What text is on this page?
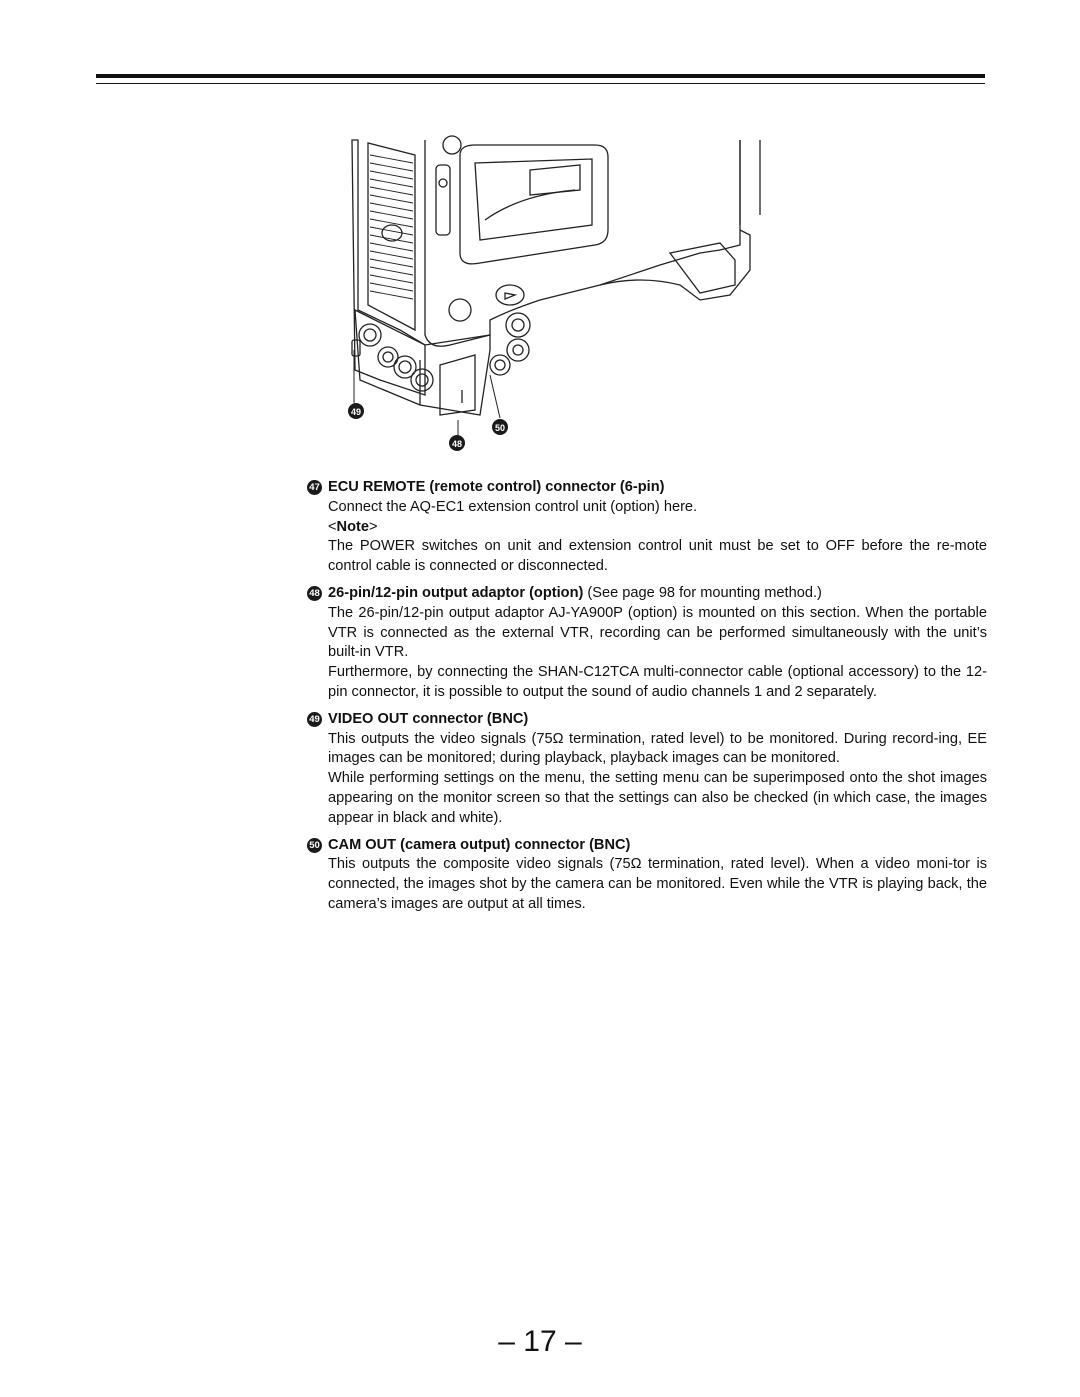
49
50
48
47 ECU REMOTE (remote control) connector (6-pin)

Connect the AQ-EC1 extension control unit (option) here.

<Note>

The POWER switches on unit and extension control unit must be set to OFF before the re-mote control cable is connected or disconnected.

48 26-pin/12-pin output adaptor (option) (See page 98 for mounting method.)

The 26-pin/12-pin output adaptor AJ-YA900P (option) is mounted on this section. When the portable VTR is connected as the external VTR, recording can be performed simultaneously with the unit’s built-in VTR.

Furthermore, by connecting the SHAN-C12TCA multi-connector cable (optional accessory) to the 12-pin connector, it is possible to output the sound of audio channels 1 and 2 separately.

49 VIDEO OUT connector (BNC)

This outputs the video signals (75Ω termination, rated level) to be monitored. During record-ing, EE images can be monitored; during playback, playback images can be monitored.

While performing settings on the menu, the setting menu can be superimposed onto the shot images appearing on the monitor screen so that the settings can also be checked (in which case, the images appear in black and white).

50 CAM OUT (camera output) connector (BNC)

This outputs the composite video signals (75Ω termination, rated level). When a video moni-tor is connected, the images shot by the camera can be monitored. Even while the VTR is playing back, the camera’s images are output at all times.

– 17 –
